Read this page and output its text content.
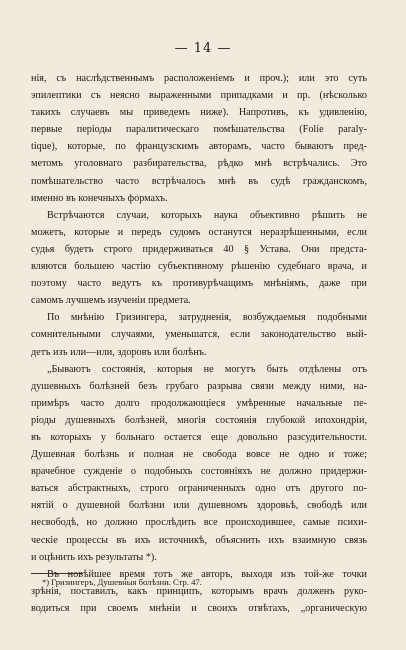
— 14 —
нія, съ наслѣдственнымъ расположеніемъ и проч.); или это суть
эпилептики съ неясно выраженными припадками и пр. (нѣсколько
такихъ случаевъ мы приведемъ ниже). Напротивъ, къ удивленію,
первые періоды паралитическаго помѣшательства (Folie paraly-
tique), которые, по французскимъ авторамъ, часто бываютъ пред-
метомъ уголовнаго разбирательства, рѣдко мнѣ встрѣчались. Это
помѣшательство часто встрѣчалось мнѣ въ судѣ гражданскомъ,
именно въ конечныхъ формахъ.
Встрѣчаются случаи, которыхъ наука объективно рѣшить не
можетъ, которые и передъ судомъ останутся неразрѣшенными, если
судья будетъ строго придерживаться 40 § Устава. Они предста-
вляются большею частію субъективному рѣшенію судебнаго врача, и
поэтому часто ведутъ къ противурѣчащимъ мнѣніямъ, даже при
самомъ лучшемъ изученіи предмета.
По мнѣнію Гризингера, затрудненія, возбуждаемыя подобными
сомнительными случаями, уменьшатся, если законодательство вый-
детъ изъ или—или, здоровъ или болѣнъ.
„Бываютъ состоянія, которыя не могутъ быть отдѣлены отъ
душевныхъ болѣзней безъ грубаго разрыва связи между ними, на-
примѣръ часто долго продолжающіеся умѣренные начальные пе-
ріоды душевныхъ болѣзней, многія состоянія глубокой ипохондріи,
въ которыхъ у больнаго остается еще довольно разсудительности.
Душевная болѣзнь и полная не свобода вовсе не одно и тоже;
врачебное сужденіе о подобныхъ состояніяхъ не должно придержи-
ваться абстрактныхъ, строго ограниченныхъ одно отъ другого по-
нятій о душевной болѣзни или душевномъ здоровьѣ, свободѣ или
несвободѣ, но должно прослѣдить все происходившее, самые психи-
ческіе процессы въ ихъ источникѣ, объяснить ихъ взаимную связь
и оцѣнить ихъ результаты *).
Въ новѣйшее время тотъ же авторъ, выходя изъ той-же точки
зрѣнія, поставилъ, какъ принципъ, которымъ врачъ долженъ руко-
водиться при своемъ мнѣніи и своихъ отвѣтахъ, „органическую
*) Гризингеръ, Душевныя болѣзни. Стр. 47.
